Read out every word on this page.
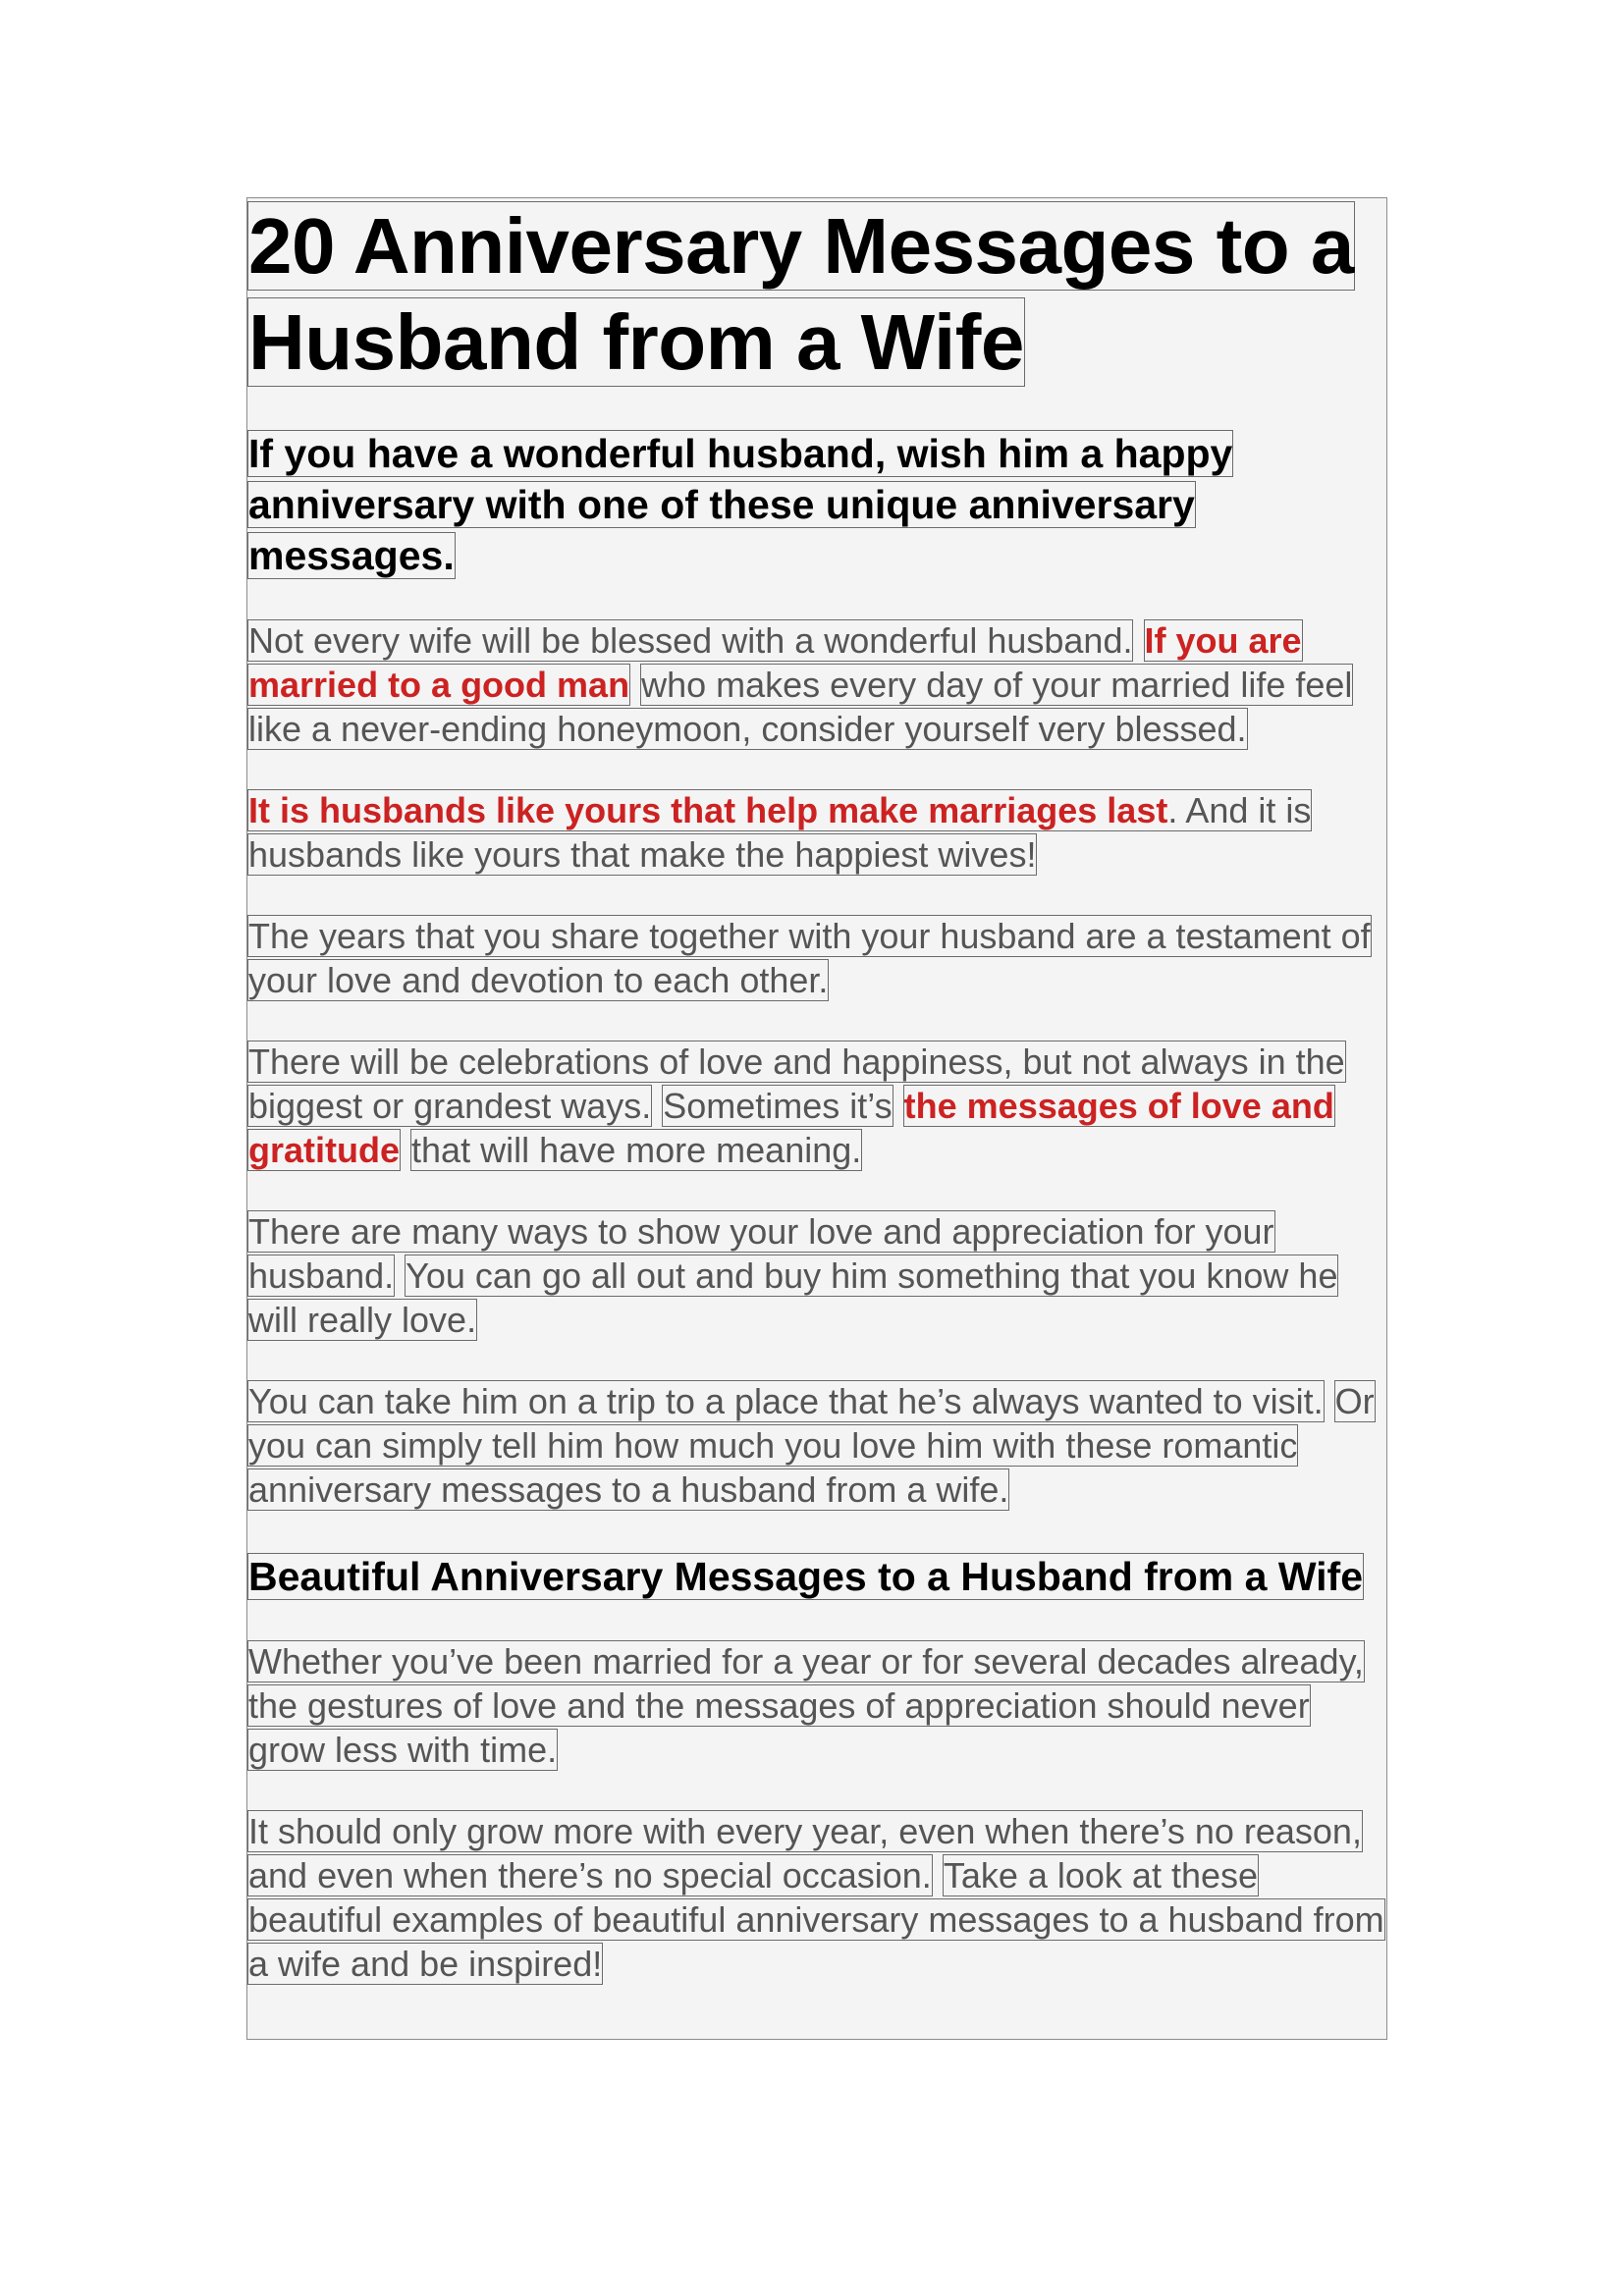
20 Anniversary Messages to a
Husband from a Wife
If you have a wonderful husband, wish him a happy anniversary with one of these unique anniversary messages.
Not every wife will be blessed with a wonderful husband. If you are married to a good man who makes every day of your married life feel like a never-ending honeymoon, consider yourself very blessed.
It is husbands like yours that help make marriages last. And it is husbands like yours that make the happiest wives!
The years that you share together with your husband are a testament of your love and devotion to each other.
There will be celebrations of love and happiness, but not always in the biggest or grandest ways. Sometimes it’s the messages of love and gratitude that will have more meaning.
There are many ways to show your love and appreciation for your husband. You can go all out and buy him something that you know he will really love.
You can take him on a trip to a place that he’s always wanted to visit. Or you can simply tell him how much you love him with these romantic anniversary messages to a husband from a wife.
Beautiful Anniversary Messages to a Husband from a Wife
Whether you’ve been married for a year or for several decades already, the gestures of love and the messages of appreciation should never grow less with time.
It should only grow more with every year, even when there’s no reason, and even when there’s no special occasion. Take a look at these beautiful examples of beautiful anniversary messages to a husband from a wife and be inspired!
